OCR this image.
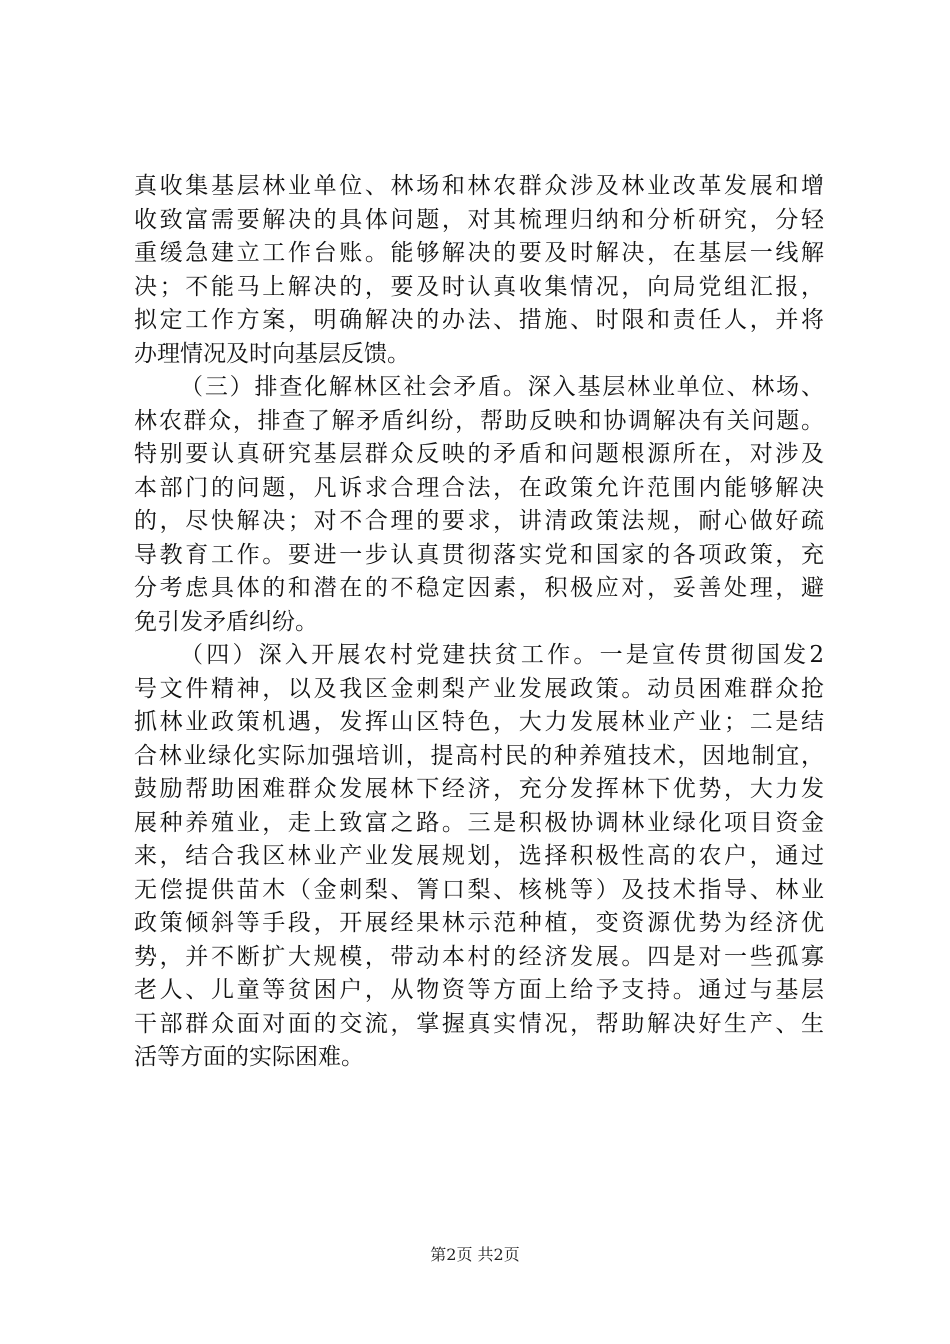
真收集基层林业单位、林场和林农群众涉及林业改革发展和增
收致富需要解决的具体问题，对其梳理归纳和分析研究，分轻
重缓急建立工作台账。能够解决的要及时解决，在基层一线解
决；不能马上解决的，要及时认真收集情况，向局党组汇报，
拟定工作方案，明确解决的办法、措施、时限和责任人，并将
办理情况及时向基层反馈。
（三）排查化解林区社会矛盾。深入基层林业单位、林场、
林农群众，排查了解矛盾纠纷，帮助反映和协调解决有关问题。
特别要认真研究基层群众反映的矛盾和问题根源所在，对涉及
本部门的问题，凡诉求合理合法，在政策允许范围内能够解决
的，尽快解决；对不合理的要求，讲清政策法规，耐心做好疏
导教育工作。要进一步认真贯彻落实党和国家的各项政策，充
分考虑具体的和潜在的不稳定因素，积极应对，妥善处理，避
免引发矛盾纠纷。
（四）深入开展农村党建扶贫工作。一是宣传贯彻国发2
号文件精神，以及我区金刺梨产业发展政策。动员困难群众抢
抓林业政策机遇，发挥山区特色，大力发展林业产业；二是结
合林业绿化实际加强培训，提高村民的种养殖技术，因地制宜，
鼓励帮助困难群众发展林下经济，充分发挥林下优势，大力发
展种养殖业，走上致富之路。三是积极协调林业绿化项目资金
来，结合我区林业产业发展规划，选择积极性高的农户，通过
无偿提供苗木（金刺梨、箐口梨、核桃等）及技术指导、林业
政策倾斜等手段，开展经果林示范种植，变资源优势为经济优
势，并不断扩大规模，带动本村的经济发展。四是对一些孤寡
老人、儿童等贫困户，从物资等方面上给予支持。通过与基层
干部群众面对面的交流，掌握真实情况，帮助解决好生产、生
活等方面的实际困难。
第2页 共2页
